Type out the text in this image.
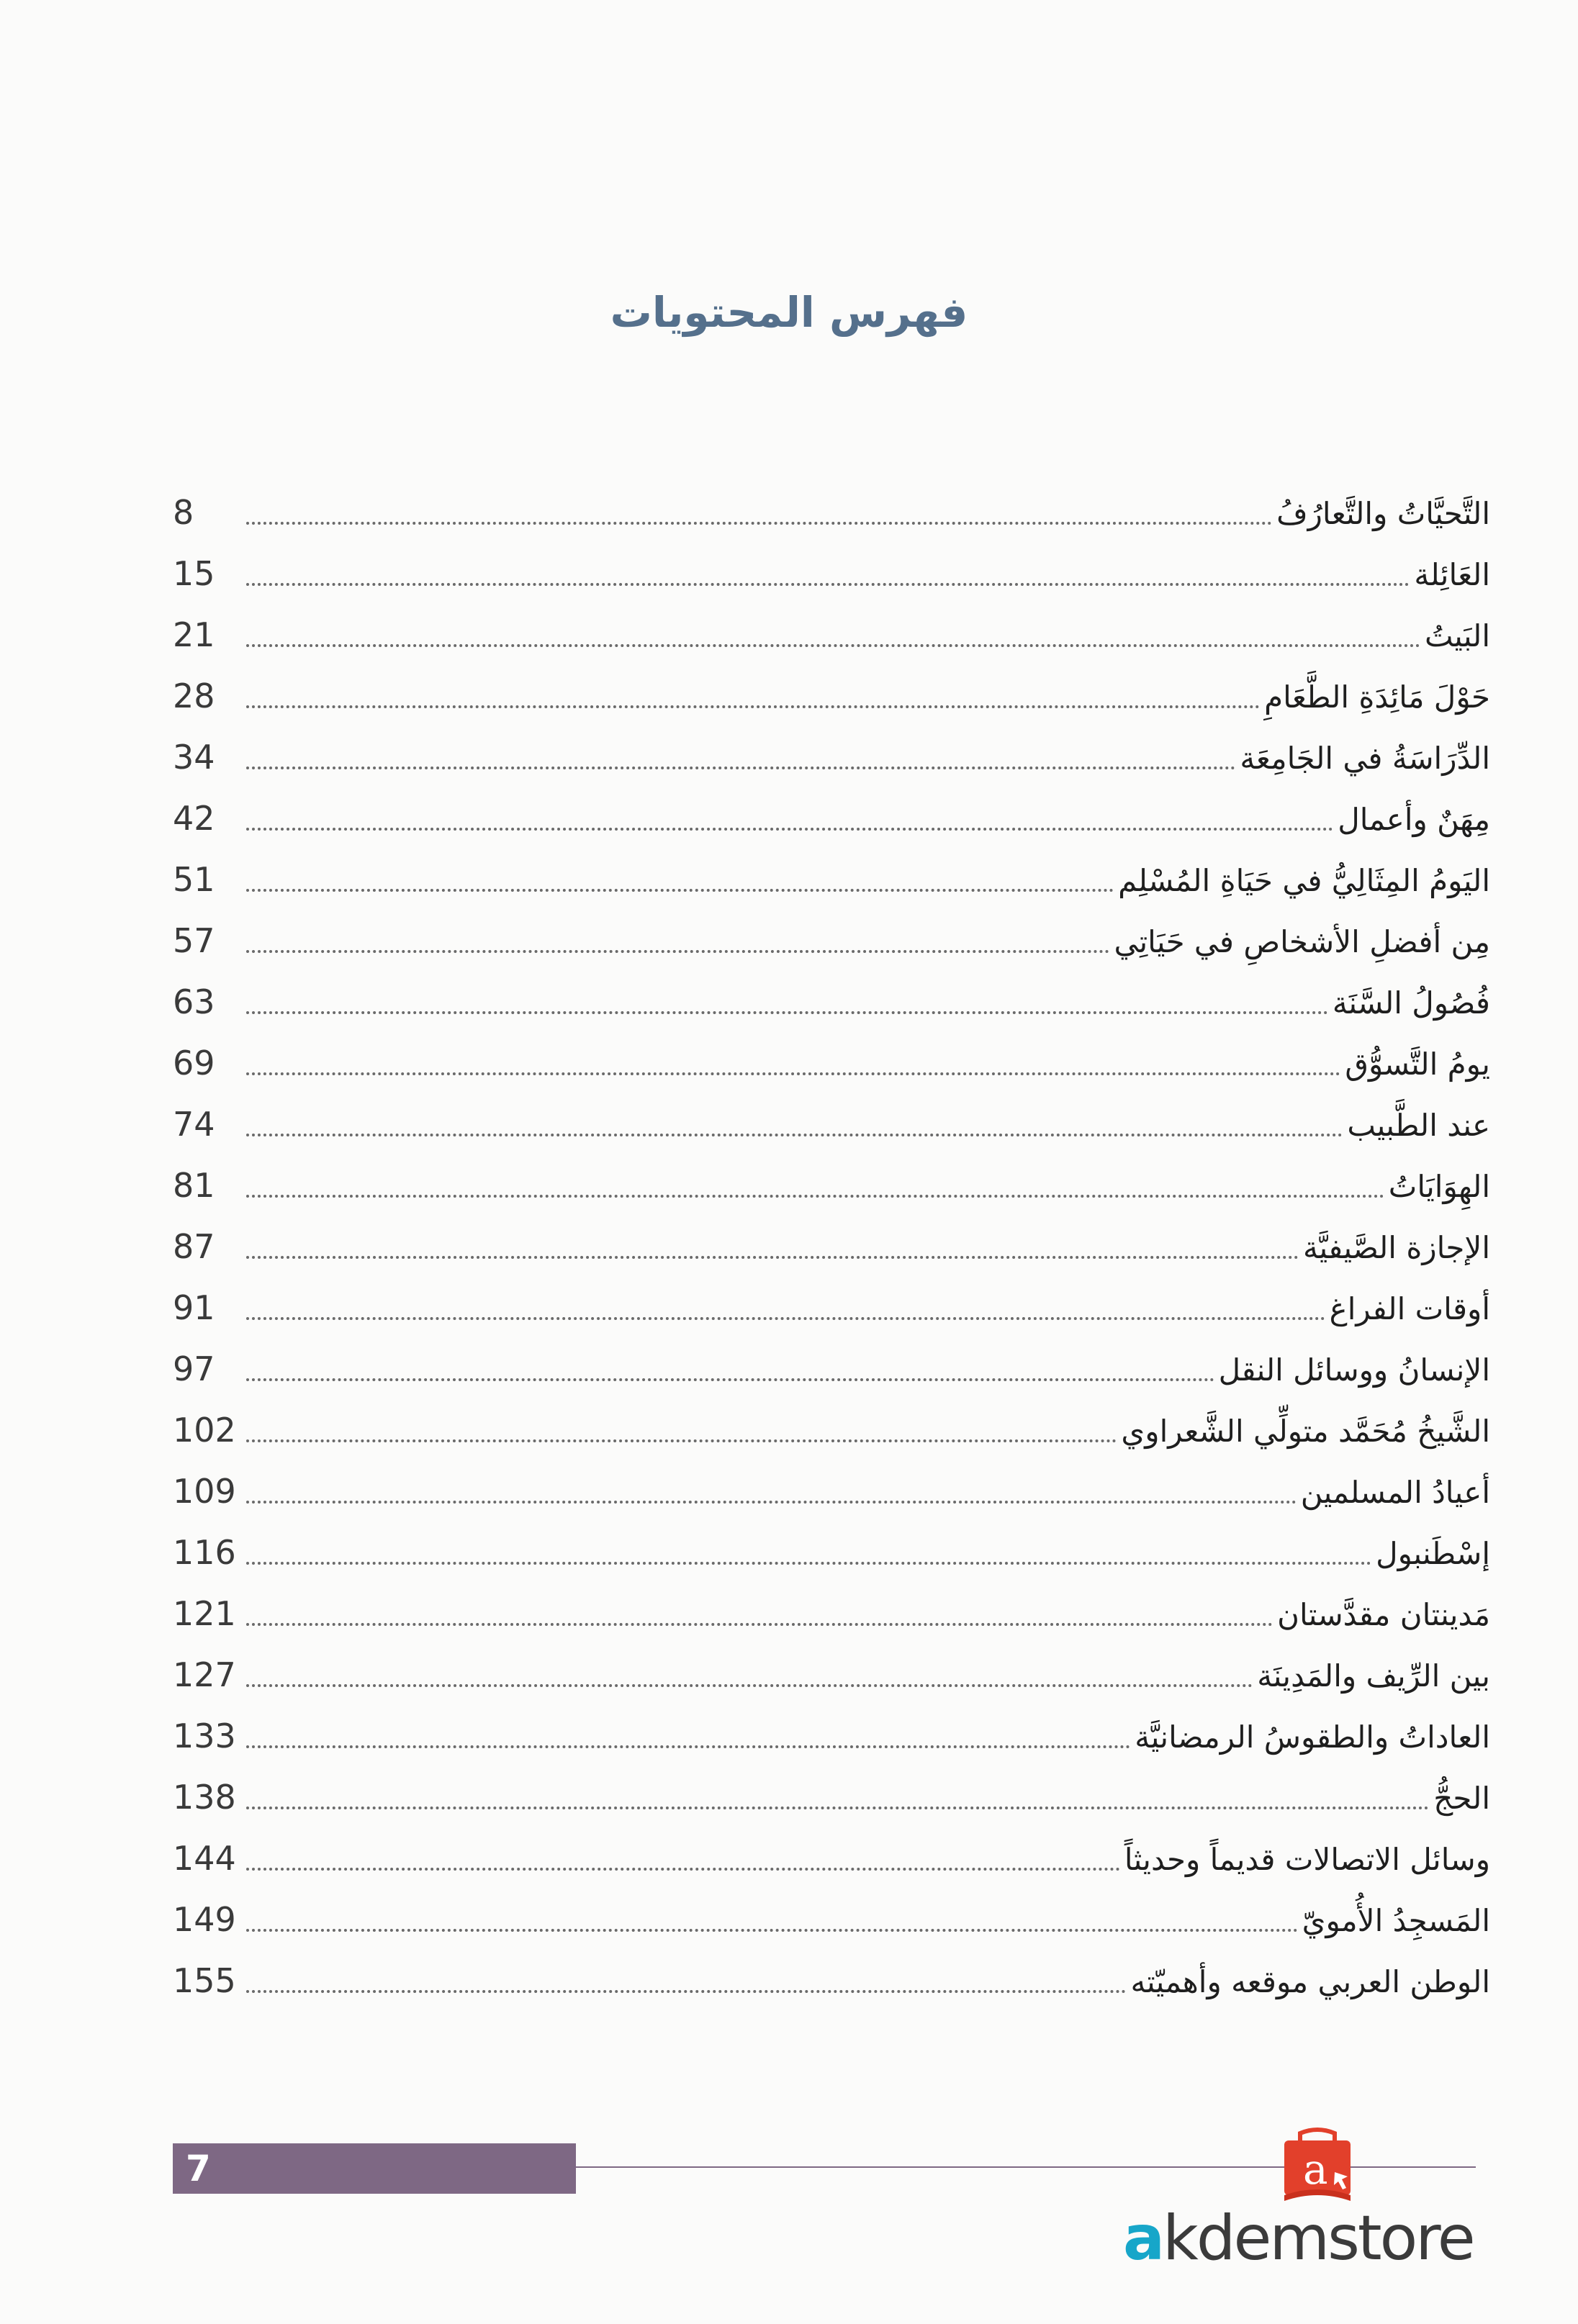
فهرس المحتويات
التَّحيَّاتُ والتَّعارُفُ
8
العَائِلة
15
البَيتُ
21
حَوْلَ مَائِدَةِ الطَّعَامِ
28
الدِّرَاسَةُ في الجَامِعَة
34
مِهَنٌ وأعمال
42
اليَومُ المِثَالِيُّ في حَيَاةِ المُسْلِم
51
مِن أفضلِ الأشخاصِ في حَيَاتِي
57
فُصُولُ السَّنَة
63
يومُ التَّسوُّق
69
عند الطَّبيب
74
الهِوَايَاتُ
81
الإجازة الصَّيفيَّة
87
أوقات الفراغ
91
الإنسانُ ووسائل النقل
97
الشَّيخُ مُحَمَّد متولِّي الشَّعراوي
102
أعيادُ المسلمين
109
إسْطَنبول
116
مَدينتان مقدَّستان
121
بين الرِّيف والمَدِينَة
127
العاداتُ والطقوسُ الرمضانيَّة
133
الحجُّ
138
وسائل الاتصالات قديماً وحديثاً
144
المَسجِدُ الأُمويّ
149
الوطن العربي موقعه وأهميّته
155
7	a
akdemstore
